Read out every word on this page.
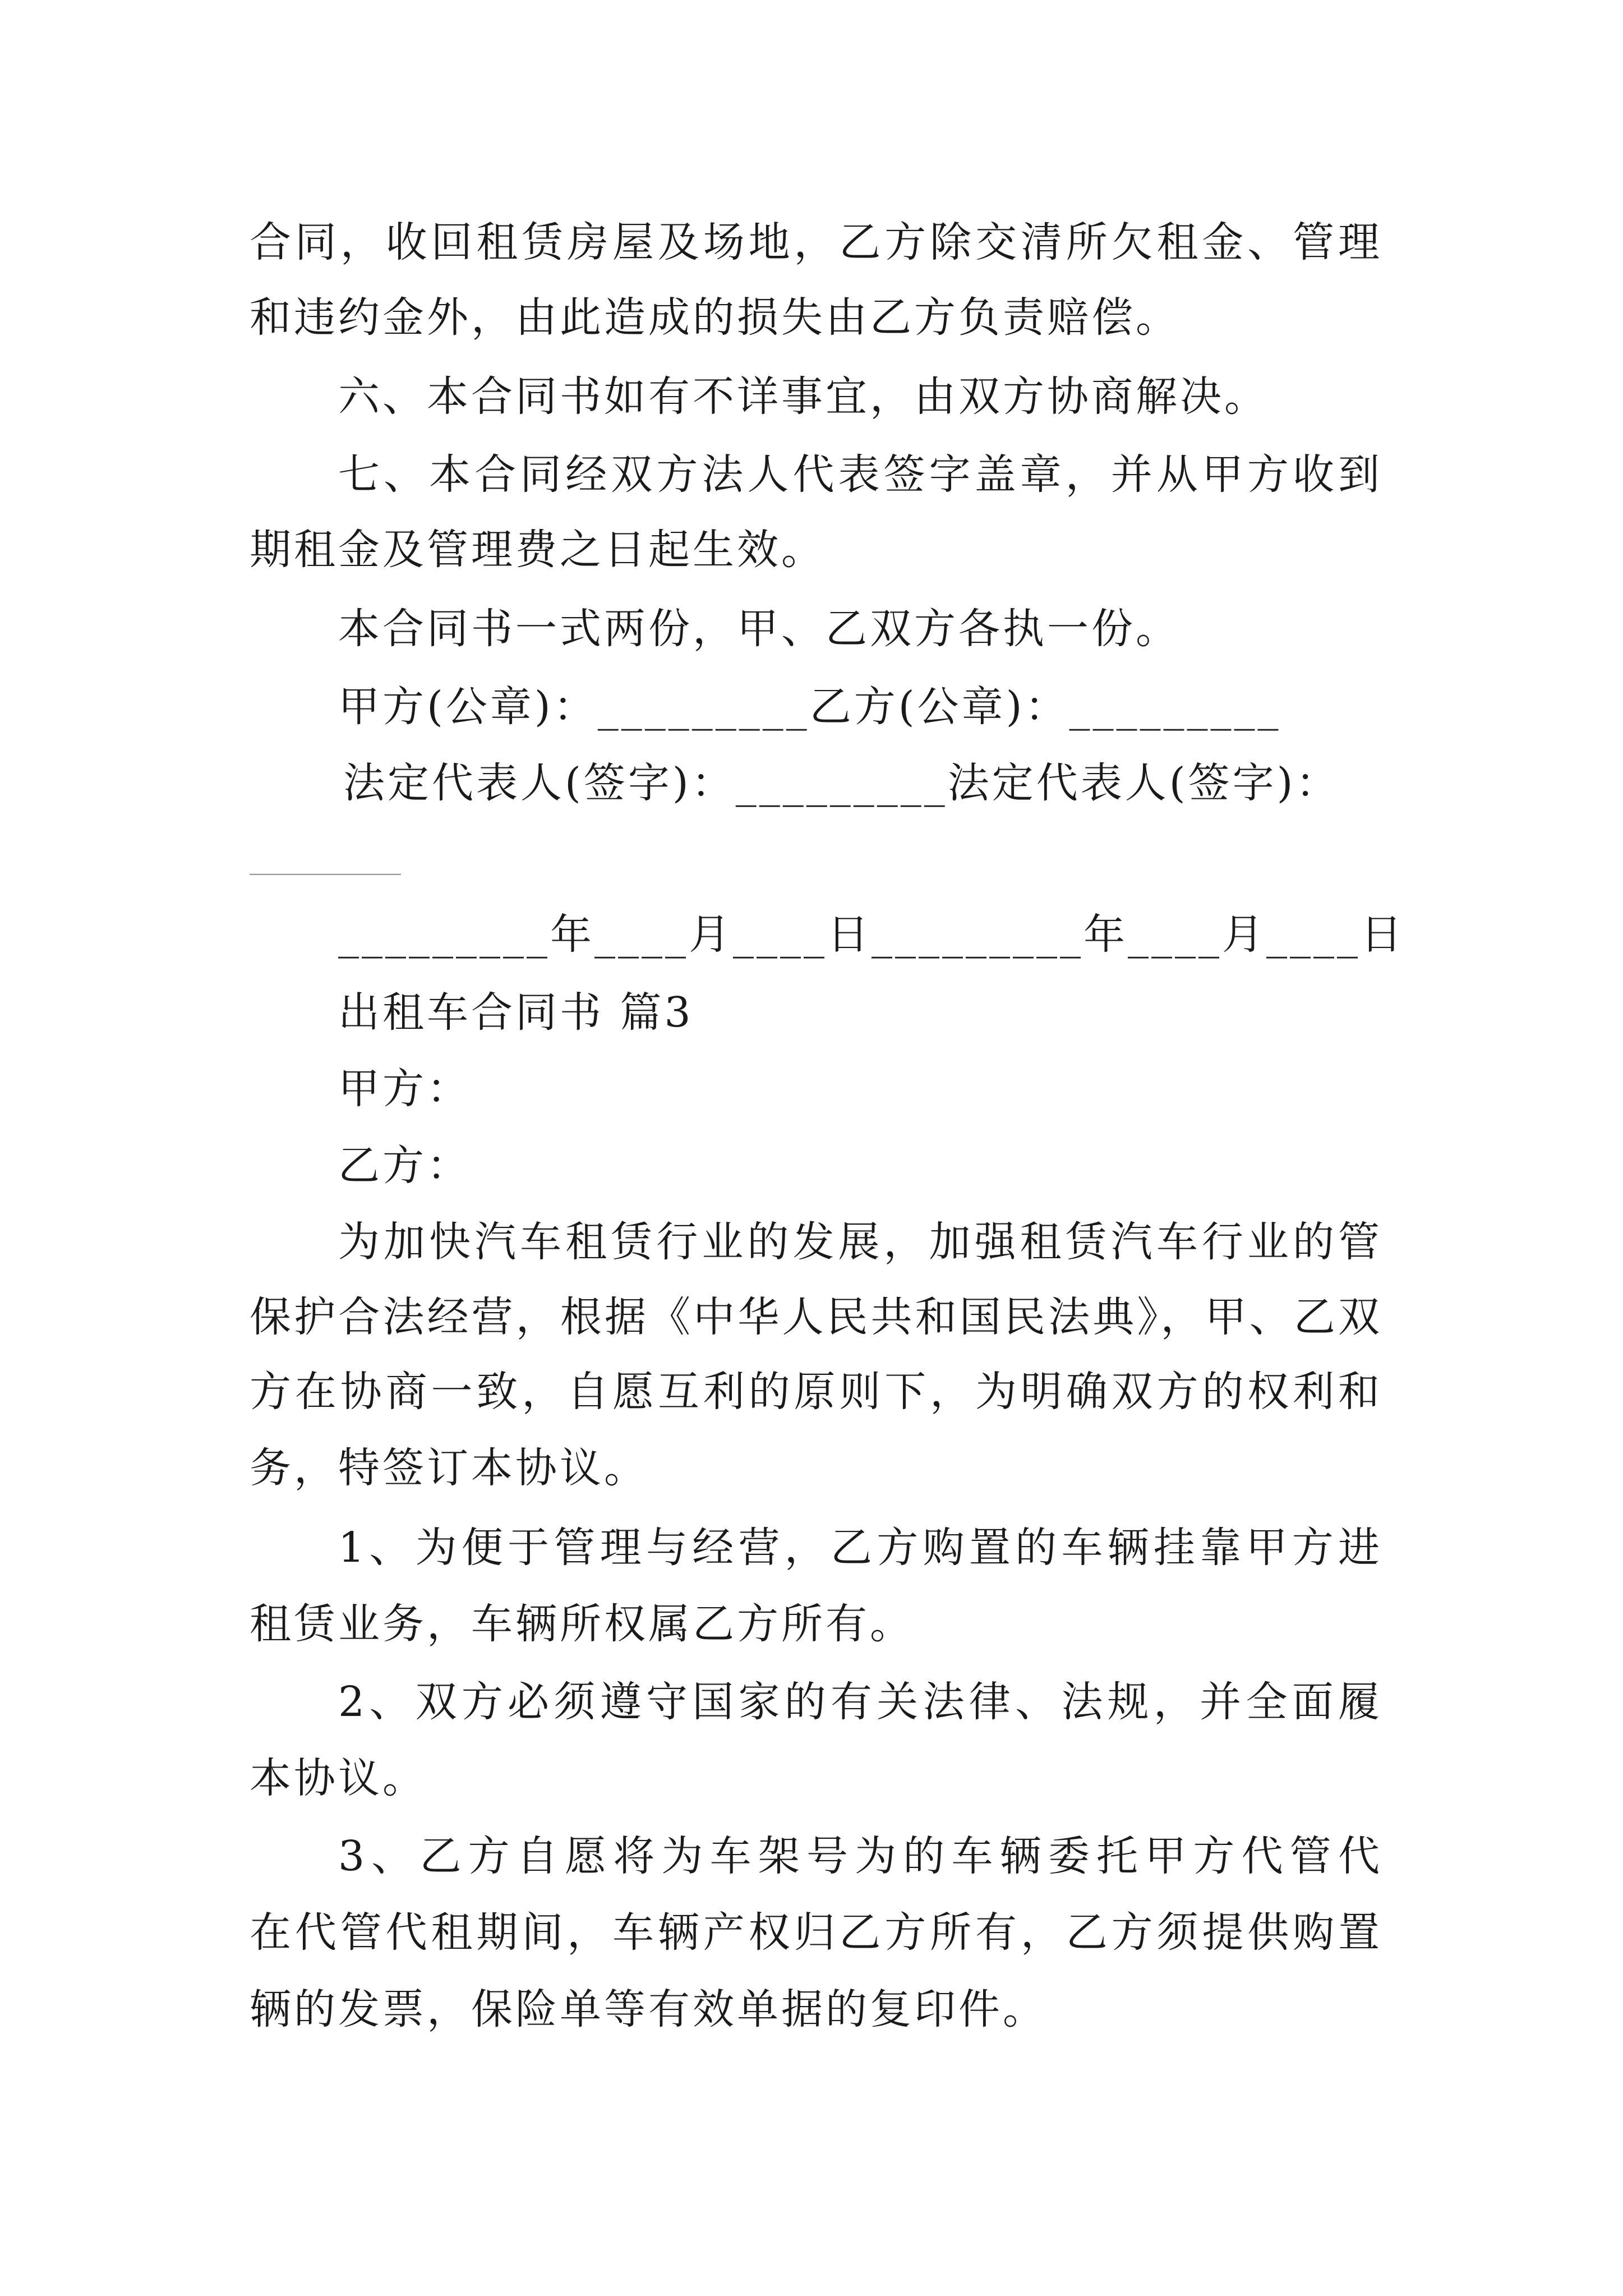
合同，收回租赁房屋及场地，乙方除交清所欠租金、管理
和违约金外，由此造成的损失由乙方负责赔偿。
六、本合同书如有不详事宜，由双方协商解决。
七、本合同经双方法人代表签字盖章，并从甲方收到
期租金及管理费之日起生效。
本合同书一式两份，甲、乙双方各执一份。
甲方(公章)：_________乙方(公章)：_________
法定代表人(签字)：_________法定代表人(签字)：
_________
_________年____月____日_________年____月____日
出租车合同书 篇3
甲方：
乙方：
为加快汽车租赁行业的发展，加强租赁汽车行业的管
保护合法经营，根据《中华人民共和国民法典》，甲、乙双
方在协商一致，自愿互利的原则下，为明确双方的权利和
务，特签订本协议。
1、为便于管理与经营，乙方购置的车辆挂靠甲方进
租赁业务，车辆所权属乙方所有。
2、双方必须遵守国家的有关法律、法规，并全面履
本协议。
3、乙方自愿将为车架号为的车辆委托甲方代管代
在代管代租期间，车辆产权归乙方所有，乙方须提供购置
辆的发票，保险单等有效单据的复印件。
